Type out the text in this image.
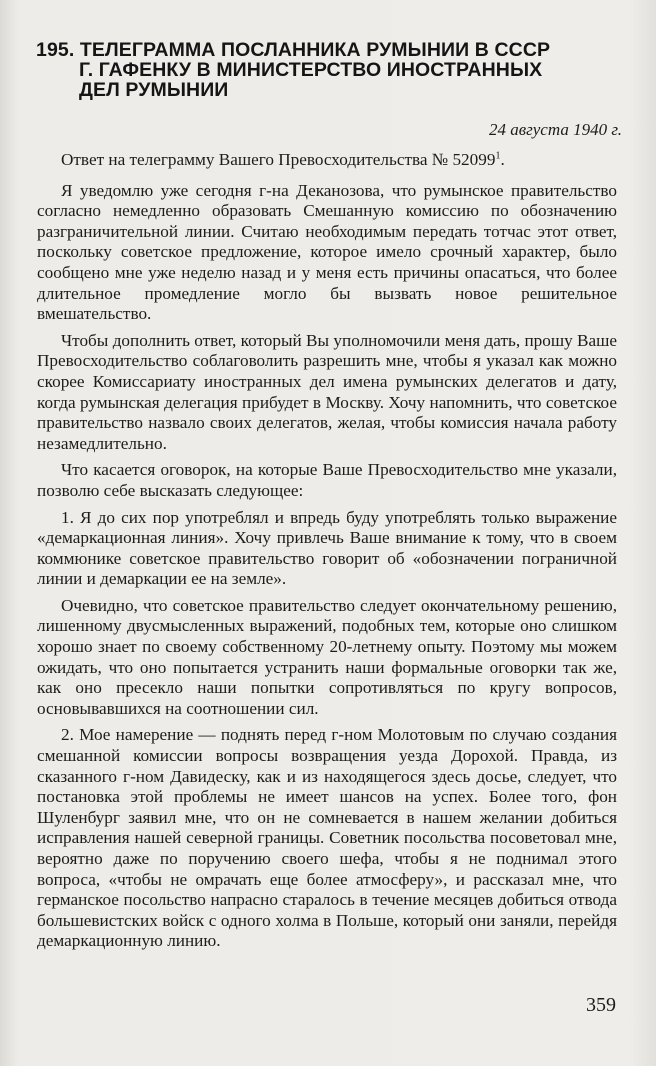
195. ТЕЛЕГРАММА ПОСЛАННИКА РУМЫНИИ В СССР
Г. ГАФЕНКУ В МИНИСТЕРСТВО ИНОСТРАННЫХ
ДЕЛ РУМЫНИИ
24 августа 1940 г.

Ответ на телеграмму Вашего Превосходительства № 52099$^1$.

Я уведомлю уже сегодня г-на Деканозова, что румынское правительство согласно немедленно образовать Смешанную комиссию по обозначению разграничительной линии. Считаю необходимым передать тотчас этот ответ, поскольку советское предложение, которое имело срочный характер, было сообщено мне уже неделю назад и у меня есть причины опасаться, что более длительное промедление могло бы вызвать новое решительное вмешательство.

Чтобы дополнить ответ, который Вы уполномочили меня дать, прошу Ваше Превосходительство соблаговолить разрешить мне, чтобы я указал как можно скорее Комиссариату иностранных дел имена румынских делегатов и дату, когда румынская делегация прибудет в Москву. Хочу напомнить, что советское правительство назвало своих делегатов, желая, чтобы комиссия начала работу незамедлительно.

Что касается оговорок, на которые Ваше Превосходительство мне указали, позволю себе высказать следующее:

1. Я до сих пор употреблял и впредь буду употреблять только выражение «демаркационная линия». Хочу привлечь Ваше внимание к тому, что в своем коммюнике советское правительство говорит об «обозначении пограничной линии и демаркации ее на земле».

Очевидно, что советское правительство следует окончательному решению, лишенному двусмысленных выражений, подобных тем, которые оно слишком хорошо знает по своему собственному 20-летнему опыту. Поэтому мы можем ожидать, что оно попытается устранить наши формальные оговорки так же, как оно пресекло наши попытки сопротивляться по кругу вопросов, основывавшихся на соотношении сил.

2. Мое намерение — поднять перед г-ном Молотовым по случаю создания смешанной комиссии вопросы возвращения уезда Дорохой. Правда, из сказанного г-ном Давидеску, как и из находящегося здесь досье, следует, что постановка этой проблемы не имеет шансов на успех. Более того, фон Шуленбург заявил мне, что он не сомневается в нашем желании добиться исправления нашей северной границы. Советник посольства посоветовал мне, вероятно даже по поручению своего шефа, чтобы я не поднимал этого вопроса, «чтобы не омрачать еще более атмосферу», и рассказал мне, что германское посольство напрасно старалось в течение месяцев добиться отвода большевистских войск с одного холма в Польше, который они заняли, перейдя демаркационную линию.

359
